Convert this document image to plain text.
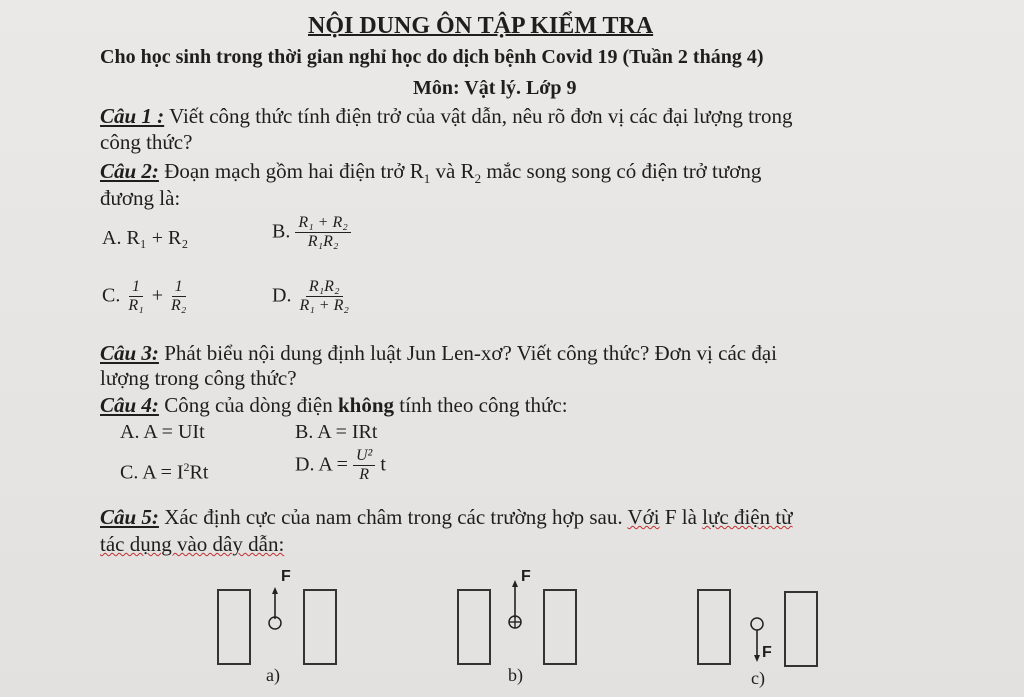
NỘI DUNG ÔN TẬP KIỂM TRA
Cho học sinh trong thời gian nghỉ học do dịch bệnh Covid 19 (Tuần 2 tháng 4)
Môn: Vật lý. Lớp 9
Câu 1 : Viết công thức tính điện trở của vật dẫn, nêu rõ đơn vị các đại lượng trong
công thức?
Câu 2: Đoạn mạch gồm hai điện trở $R_1$ và $R_2$ mắc song song có điện trở tương
đương là:
A. R₁ + R₂	B. $\frac{\text{R₁ + R₂}}{\text{R₁R₂}}$
C. $\frac{1}{\text{R₁}} + \frac{1}{\text{R₂}}$	D. $\frac{\text{R₁R₂}}{\text{R₁ + R₂}}$
Câu 3: Phát biểu nội dung định luật Jun Len-xơ? Viết công thức? Đơn vị các đại
lượng trong công thức?
Câu 4: Công của dòng điện không tính theo công thức:
A. A = UIt	B. A = IRt
C. $A = I^2Rt$	D. $A = \frac{\text{U²}}{R}$ t
Câu 5: Xác định cực của nam châm trong các trường hợp sau. Với F là lực điện từ
tác dụng vào dây dẫn:
F
a)
F
b)
F
c)
